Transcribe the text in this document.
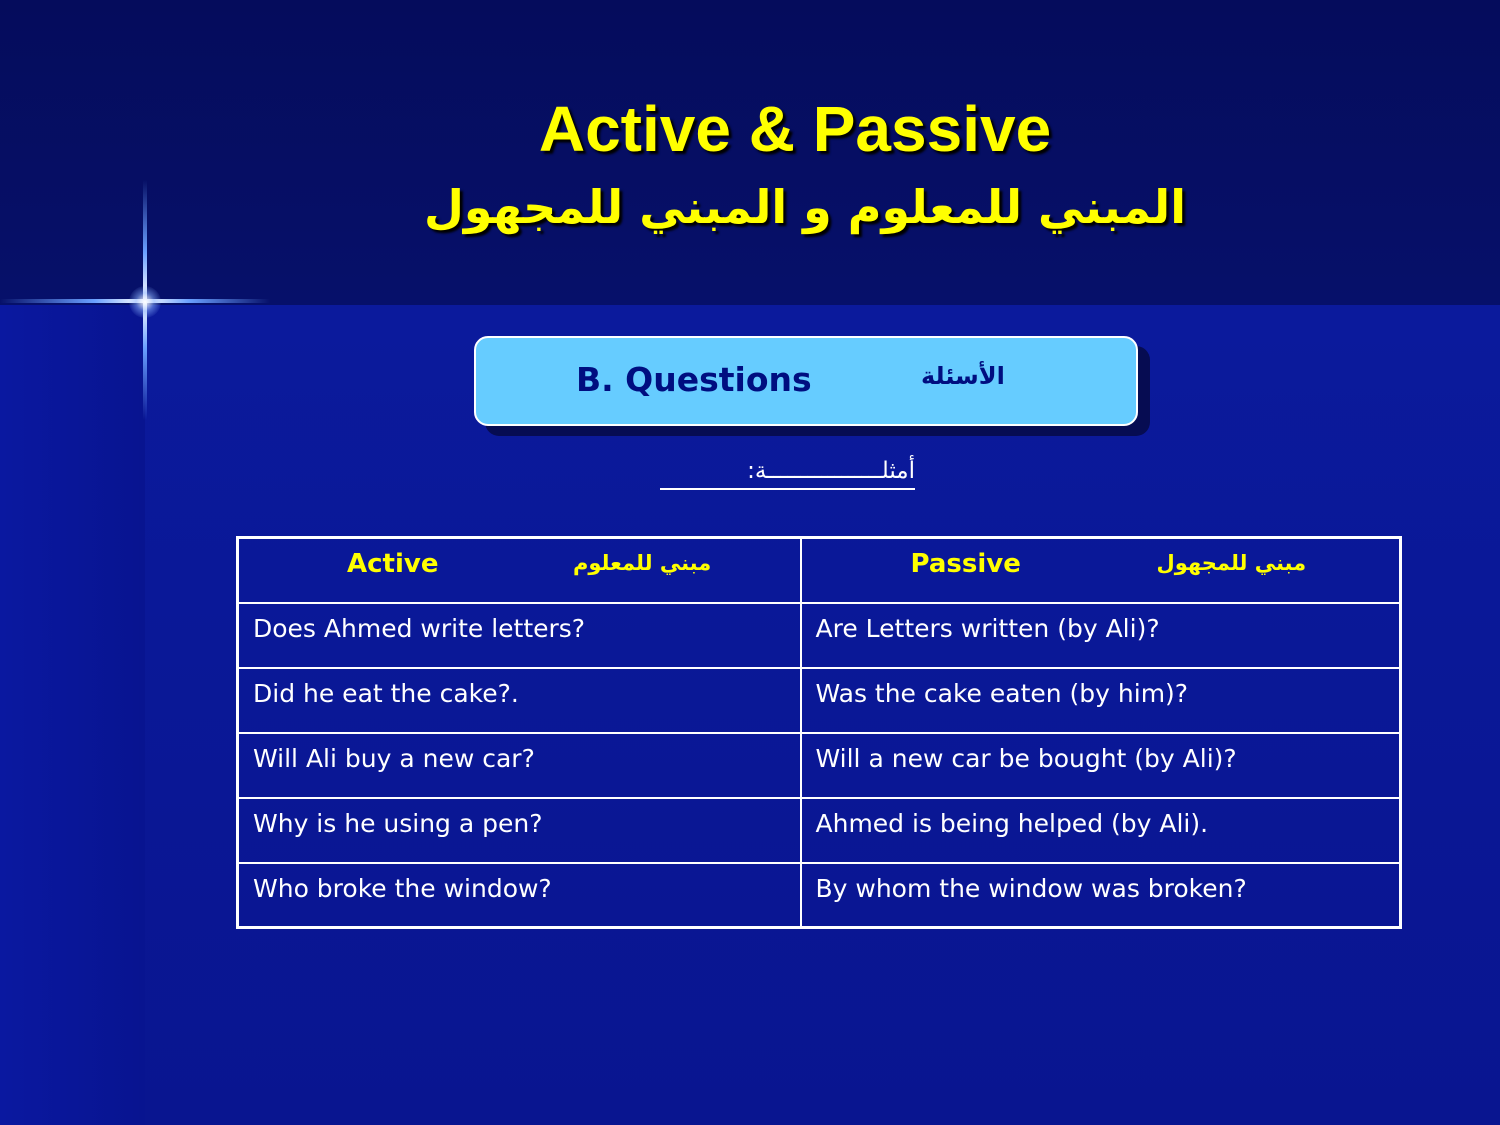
Active & Passive
المبني للمعلوم و المبني للمجهول
B. Questions	الأسئلة
أمثلـــــــــــــــــة:
Active مبني للمعلوم	Passive مبني للمجهول

Does Ahmed write letters?	Are Letters written (by Ali)?
Did he eat the cake?.	Was the cake eaten (by him)?
Will Ali buy a new car?	Will a new car be bought (by Ali)?
Why is he using a pen?	Ahmed is being helped (by Ali).
Who broke the window?	By whom the window was broken?
